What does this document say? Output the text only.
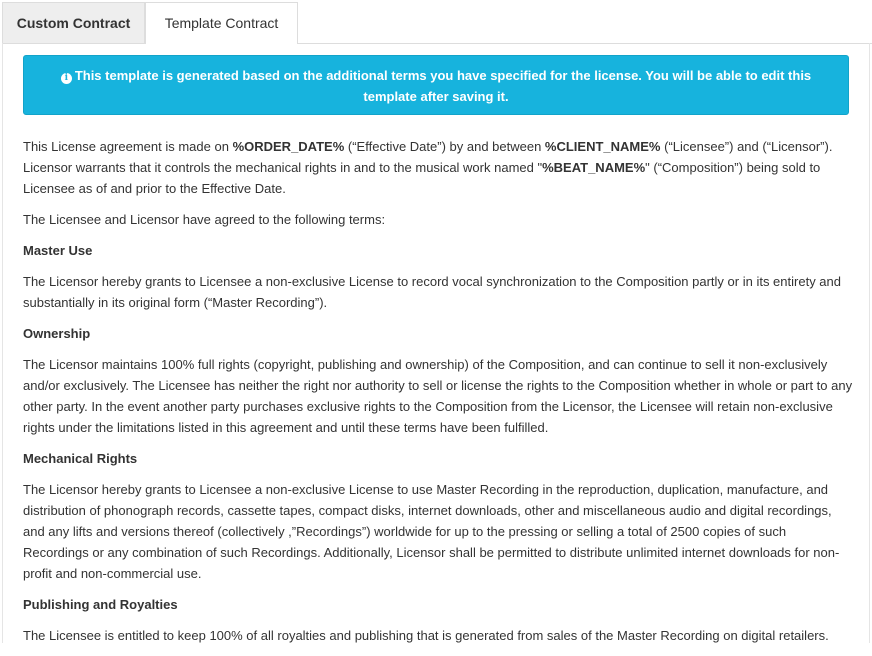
Custom Contract	Template Contract
i This template is generated based on the additional terms you have specified for the license. You will be able to edit this template after saving it.

This License agreement is made on %ORDER_DATE% (“Effective Date”) by and between %CLIENT_NAME% (“Licensee”) and (“Licensor”). Licensor warrants that it controls the mechanical rights in and to the musical work named "%BEAT_NAME%" (“Composition”) being sold to Licensee as of and prior to the Effective Date.

The Licensee and Licensor have agreed to the following terms:

Master Use

The Licensor hereby grants to Licensee a non-exclusive License to record vocal synchronization to the Composition partly or in its entirety and substantially in its original form (“Master Recording”).

Ownership

The Licensor maintains 100% full rights (copyright, publishing and ownership) of the Composition, and can continue to sell it non-exclusively and/or exclusively. The Licensee has neither the right nor authority to sell or license the rights to the Composition whether in whole or part to any other party. In the event another party purchases exclusive rights to the Composition from the Licensor, the Licensee will retain non-exclusive rights under the limitations listed in this agreement and until these terms have been fulfilled.

Mechanical Rights

The Licensor hereby grants to Licensee a non-exclusive License to use Master Recording in the reproduction, duplication, manufacture, and distribution of phonograph records, cassette tapes, compact disks, internet downloads, other and miscellaneous audio and digital recordings, and any lifts and versions thereof (collectively ,”Recordings”) worldwide for up to the pressing or selling a total of 2500 copies of such Recordings or any combination of such Recordings. Additionally, Licensor shall be permitted to distribute unlimited internet downloads for non-profit and non-commercial use.

Publishing and Royalties

The Licensee is entitled to keep 100% of all royalties and publishing that is generated from sales of the Master Recording on digital retailers.
